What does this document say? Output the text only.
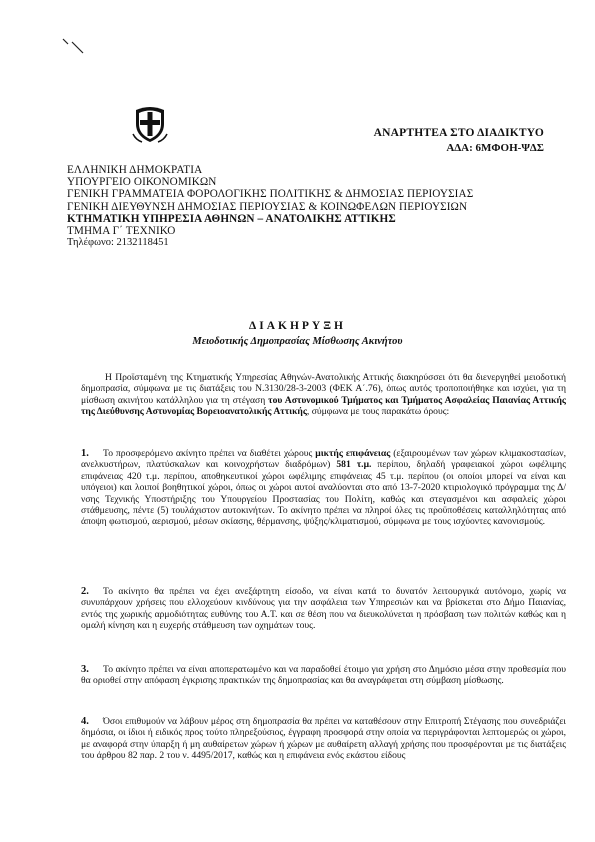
ΑΝΑΡΤΗΤΕΑ ΣΤΟ ΔΙΑΔΙΚΤΥΟ
ΑΔΑ: 6ΜΦΟΗ-ΨΔΣ
ΕΛΛΗΝΙΚΗ ΔΗΜΟΚΡΑΤΙΑ
ΥΠΟΥΡΓΕΙΟ ΟΙΚΟΝΟΜΙΚΩΝ
ΓΕΝΙΚΗ ΓΡΑΜΜΑΤΕΙΑ ΦΟΡΟΛΟΓΙΚΗΣ ΠΟΛΙΤΙΚΗΣ & ΔΗΜΟΣΙΑΣ ΠΕΡΙΟΥΣΙΑΣ
ΓΕΝΙΚΗ ΔΙΕΥΘΥΝΣΗ ΔΗΜΟΣΙΑΣ ΠΕΡΙΟΥΣΙΑΣ & ΚΟΙΝΩΦΕΛΩΝ ΠΕΡΙΟΥΣΙΩΝ
ΚΤΗΜΑΤΙΚΗ ΥΠΗΡΕΣΙΑ ΑΘΗΝΩΝ – ΑΝΑΤΟΛΙΚΗΣ ΑΤΤΙΚΗΣ
ΤΜΗΜΑ Γ΄ ΤΕΧΝΙΚΟ
Τηλέφωνο: 2132118451
ΔΙΑΚΗΡΥΞΗ
Μειοδοτικής Δημοπρασίας Μίσθωσης Ακινήτου
Η Προϊσταμένη της Κτηματικής Υπηρεσίας Αθηνών-Ανατολικής Αττικής διακηρύσσει ότι θα διενεργηθεί μειοδοτική δημοπρασία, σύμφωνα με τις διατάξεις του Ν.3130/28-3-2003 (ΦΕΚ Α΄.76), όπως αυτός τροποποιήθηκε και ισχύει, για τη μίσθωση ακινήτου κατάλληλου για τη στέγαση του Αστυνομικού Τμήματος και Τμήματος Ασφαλείας Παιανίας Αττικής της Διεύθυνσης Αστυνομίας Βορειοανατολικής Αττικής, σύμφωνα με τους παρακάτω όρους:
1. Το προσφερόμενο ακίνητο πρέπει να διαθέτει χώρους μικτής επιφάνειας (εξαιρουμένων των χώρων κλιμακοστασίων, ανελκυστήρων, πλατύσκαλων και κοινοχρήστων διαδρόμων) 581 τ.μ. περίπου, δηλαδή γραφειακοί χώροι ωφέλιμης επιφάνειας 420 τ.μ. περίπου, αποθηκευτικοί χώροι ωφέλιμης επιφάνειας 45 τ.μ. περίπου (οι οποίοι μπορεί να είναι και υπόγειοι) και λοιποί βοηθητικοί χώροι, όπως οι χώροι αυτοί αναλύονται στο από 13-7-2020 κτιριολογικό πρόγραμμα της Δ/νσης Τεχνικής Υποστήριξης του Υπουργείου Προστασίας του Πολίτη, καθώς και στεγασμένοι και ασφαλείς χώροι στάθμευσης, πέντε (5) τουλάχιστον αυτοκινήτων. Το ακίνητο πρέπει να πληροί όλες τις προϋποθέσεις καταλληλότητας από άποψη φωτισμού, αερισμού, μέσων σκίασης, θέρμανσης, ψύξης/κλιματισμού, σύμφωνα με τους ισχύοντες κανονισμούς.
2. Το ακίνητο θα πρέπει να έχει ανεξάρτητη είσοδο, να είναι κατά το δυνατόν λειτουργικά αυτόνομο, χωρίς να συνυπάρχουν χρήσεις που ελλοχεύουν κινδύνους για την ασφάλεια των Υπηρεσιών και να βρίσκεται στο Δήμο Παιανίας, εντός της χωρικής αρμοδιότητας ευθύνης του Α.Τ. και σε θέση που να διευκολύνεται η πρόσβαση των πολιτών καθώς και η ομαλή κίνηση και η ευχερής στάθμευση των οχημάτων τους.
3. Το ακίνητο πρέπει να είναι αποπερατωμένο και να παραδοθεί έτοιμο για χρήση στο Δημόσιο μέσα στην προθεσμία που θα οριοθεί στην απόφαση έγκρισης πρακτικών της δημοπρασίας και θα αναγράφεται στη σύμβαση μίσθωσης.
4. Όσοι επιθυμούν να λάβουν μέρος στη δημοπρασία θα πρέπει να καταθέσουν στην Επιτροπή Στέγασης που συνεδριάζει δημόσια, οι ίδιοι ή ειδικός προς τούτο πληρεξούσιος, έγγραφη προσφορά στην οποία να περιγράφονται λεπτομερώς οι χώροι, με αναφορά στην ύπαρξη ή μη αυθαίρετων χώρων ή χώρων με αυθαίρετη αλλαγή χρήσης που προσφέρονται με τις διατάξεις του άρθρου 82 παρ. 2 του ν. 4495/2017, καθώς και η επιφάνεια ενός εκάστου είδους
